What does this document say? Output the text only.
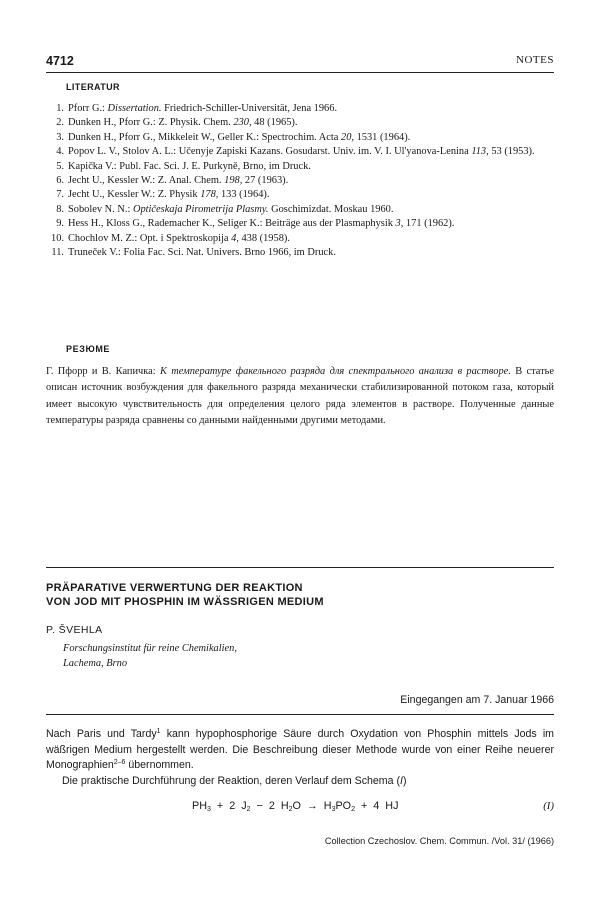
4712	NOTES
LITERATUR
1. Pforr G.: Dissertation. Friedrich-Schiller-Universität, Jena 1966.
2. Dunken H., Pforr G.: Z. Physik. Chem. 230, 48 (1965).
3. Dunken H., Pforr G., Mikkeleit W., Geller K.: Spectrochim. Acta 20, 1531 (1964).
4. Popov L. V., Stolov A. L.: Učenyje Zapiski Kazans. Gosudarst. Univ. im. V. I. Ul'yanova-Lenina 113, 53 (1953).
5. Kapička V.: Publ. Fac. Sci. J. E. Purkyně, Brno, im Druck.
6. Jecht U., Kessler W.: Z. Anal. Chem. 198, 27 (1963).
7. Jecht U., Kessler W.: Z. Physik 178, 133 (1964).
8. Sobolev N. N.: Optičeskaja Pirometrija Plasmy. Goschimizdat. Moskau 1960.
9. Hess H., Kloss G., Rademacher K., Seliger K.: Beiträge aus der Plasmaphysik 3, 171 (1962).
10. Chochlov M. Z.: Opt. i Spektroskopija 4, 438 (1958).
11. Truneček V.: Folia Fac. Sci. Nat. Univers. Brno 1966, im Druck.
РЕЗЮМЕ

Г. Пфорр и В. Капичка: К температуре факельного разряда для спектрального анализа в растворе. В статье описан источник возбуждения для факельного разряда механически стабилизированной потоком газа, который имеет высокую чувствительность для определения целого ряда элементов в растворе. Полученные данные температуры разряда сравнены со данными найденными другими методами.

PRÄPARATIVE VERWERTUNG DER REAKTION
VON JOD MIT PHOSPHIN IM WÄSSRIGEN MEDIUM

P. ŠVEHLA
Forschungsinstitut für reine Chemikalien,
Lachema, Brno
Eingegangen am 7. Januar 1966

Nach Paris und Tardy$^1$ kann hypophosphorige Säure durch Oxydation von Phosphin mittels Jods im wäßrigen Medium hergestellt werden. Die Beschreibung dieser Methode wurde von einer Reihe neuerer Monographien$^{2-6}$ übernommen.
Die praktische Durchführung der Reaktion, deren Verlauf dem Schema (I)

$PH_3 + 2$ $J_2 - 2$ $H_2O \to H_3PO_2 + 4$ HJ	(I)
Collection Czechoslov. Chem. Commun. /Vol. 31/ (1966)
